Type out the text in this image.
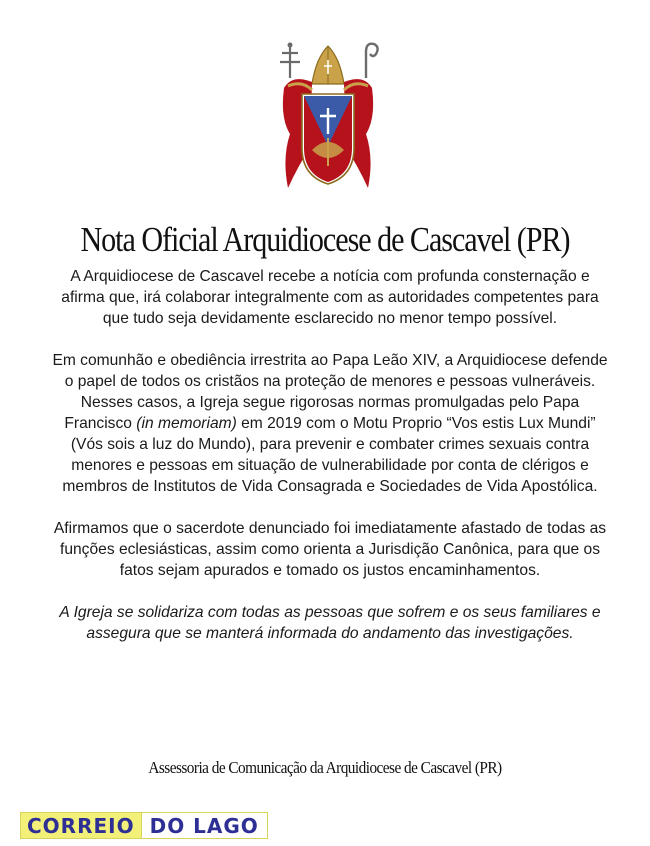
Nota Oficial Arquidiocese de Cascavel (PR)

A Arquidiocese de Cascavel recebe a notícia com profunda consternação e afirma que, irá colaborar integralmente com as autoridades competentes para que tudo seja devidamente esclarecido no menor tempo possível.

Em comunhão e obediência irrestrita ao Papa Leão XIV, a Arquidiocese defende o papel de todos os cristãos na proteção de menores e pessoas vulneráveis. Nesses casos, a Igreja segue rigorosas normas promulgadas pelo Papa Francisco (in memoriam) em 2019 com o Motu Proprio “Vos estis Lux Mundi” (Vós sois a luz do Mundo), para prevenir e combater crimes sexuais contra menores e pessoas em situação de vulnerabilidade por conta de clérigos e membros de Institutos de Vida Consagrada e Sociedades de Vida Apostólica.

Afirmamos que o sacerdote denunciado foi imediatamente afastado de todas as funções eclesiásticas, assim como orienta a Jurisdição Canônica, para que os fatos sejam apurados e tomado os justos encaminhamentos.

A Igreja se solidariza com todas as pessoas que sofrem e os seus familiares e assegura que se manterá informada do andamento das investigações.

Assessoria de Comunicação da Arquidiocese de Cascavel (PR)
CORREIO DO LAGO
